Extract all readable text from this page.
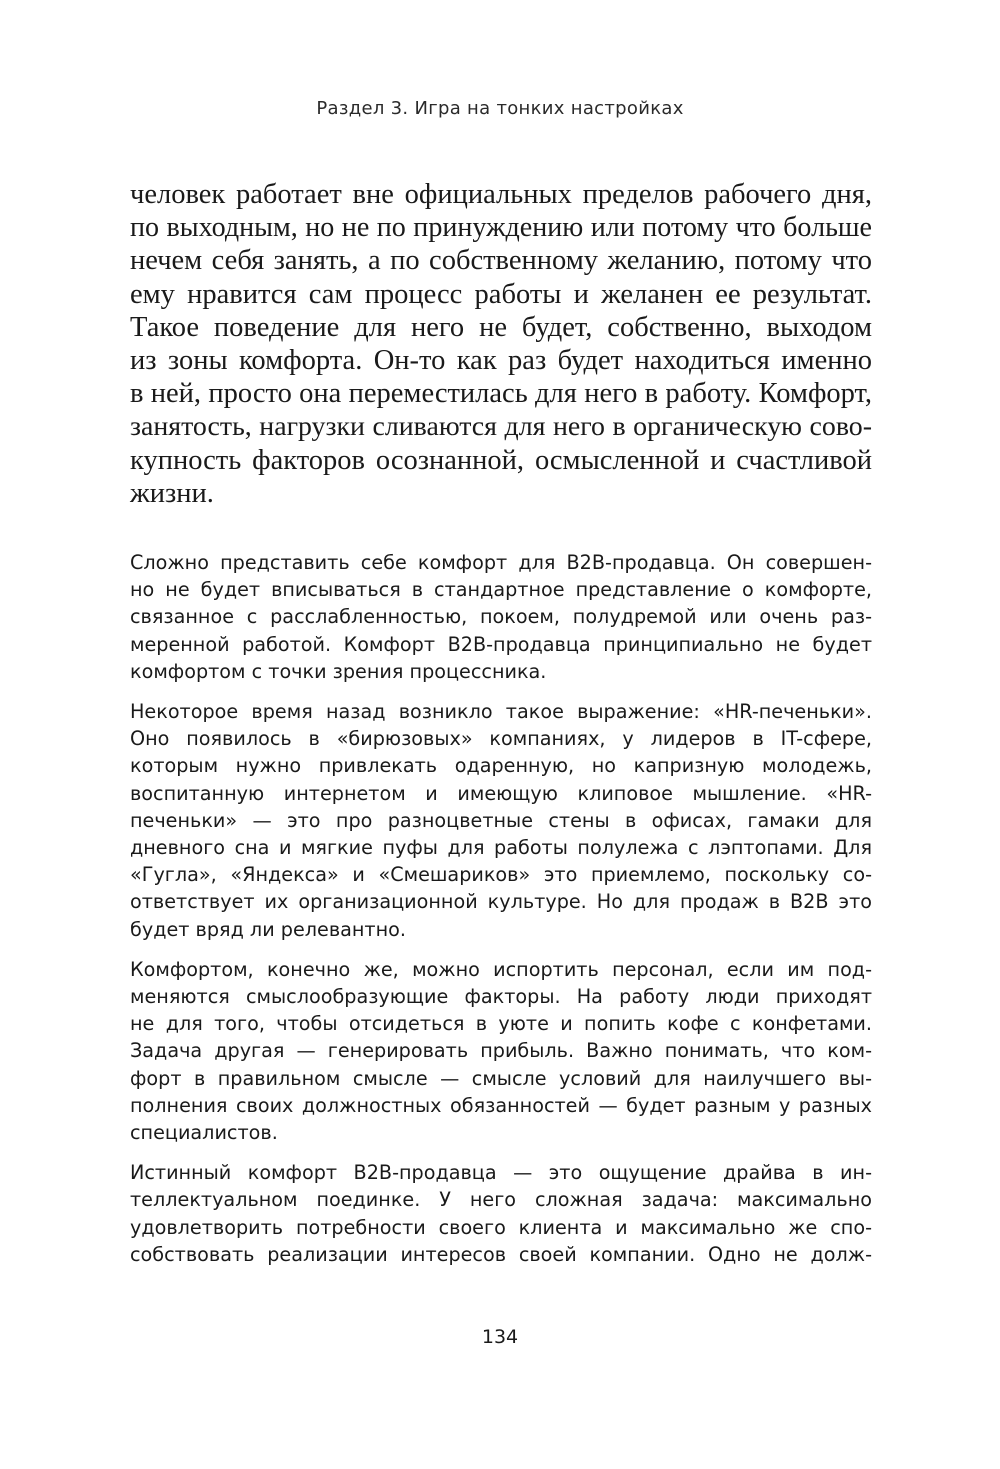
Раздел 3. Игра на тонких настройках
человек работает вне официальных пределов рабочего дня,
по выходным, но не по принуждению или потому что больше
нечем себя занять, а по собственному желанию, потому что
ему нравится сам процесс работы и желанен ее результат.
Такое поведение для него не будет, собственно, выходом
из зоны комфорта. Он-то как раз будет находиться именно
в ней, просто она переместилась для него в работу. Комфорт,
занятость, нагрузки сливаются для него в органическую сово-
купность факторов осознанной, осмысленной и счастливой
жизни.
Сложно представить себе комфорт для B2B-продавца. Он совершен-
но не будет вписываться в стандартное представление о комфорте,
связанное с расслабленностью, покоем, полудремой или очень раз-
меренной работой. Комфорт B2B-продавца принципиально не будет
комфортом с точки зрения процессника.
Некоторое время назад возникло такое выражение: «HR-печеньки».
Оно появилось в «бирюзовых» компаниях, у лидеров в IT-сфере,
которым нужно привлекать одаренную, но капризную молодежь,
воспитанную интернетом и имеющую клиповое мышление. «HR-
печеньки» — это про разноцветные стены в офисах, гамаки для
дневного сна и мягкие пуфы для работы полулежа с лэптопами. Для
«Гугла», «Яндекса» и «Смешариков» это приемлемо, поскольку со-
ответствует их организационной культуре. Но для продаж в B2B это
будет вряд ли релевантно.
Комфортом, конечно же, можно испортить персонал, если им под-
меняются смыслообразующие факторы. На работу люди приходят
не для того, чтобы отсидеться в уюте и попить кофе с конфетами.
Задача другая — генерировать прибыль. Важно понимать, что ком-
форт в правильном смысле — смысле условий для наилучшего вы-
полнения своих должностных обязанностей — будет разным у разных
специалистов.
Истинный комфорт B2B-продавца — это ощущение драйва в ин-
теллектуальном поединке. У него сложная задача: максимально
удовлетворить потребности своего клиента и максимально же спо-
собствовать реализации интересов своей компании. Одно не долж-
134
